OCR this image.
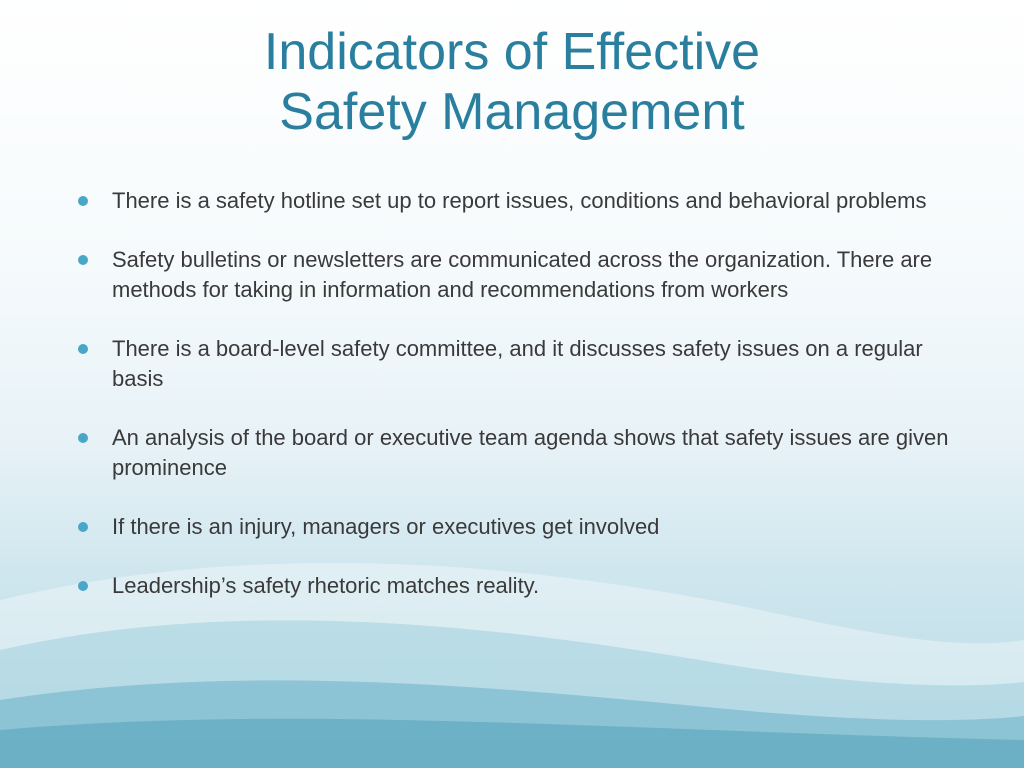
Indicators of Effective
Safety Management
There is a safety hotline set up to report issues, conditions and behavioral problems
Safety bulletins or newsletters are communicated across the organization. There are methods for taking in information and recommendations from workers
There is a board-level safety committee, and it discusses safety issues on a regular basis
An analysis of the board or executive team agenda shows that safety issues are given prominence
If there is an injury, managers or executives get involved
Leadership’s safety rhetoric matches reality.
